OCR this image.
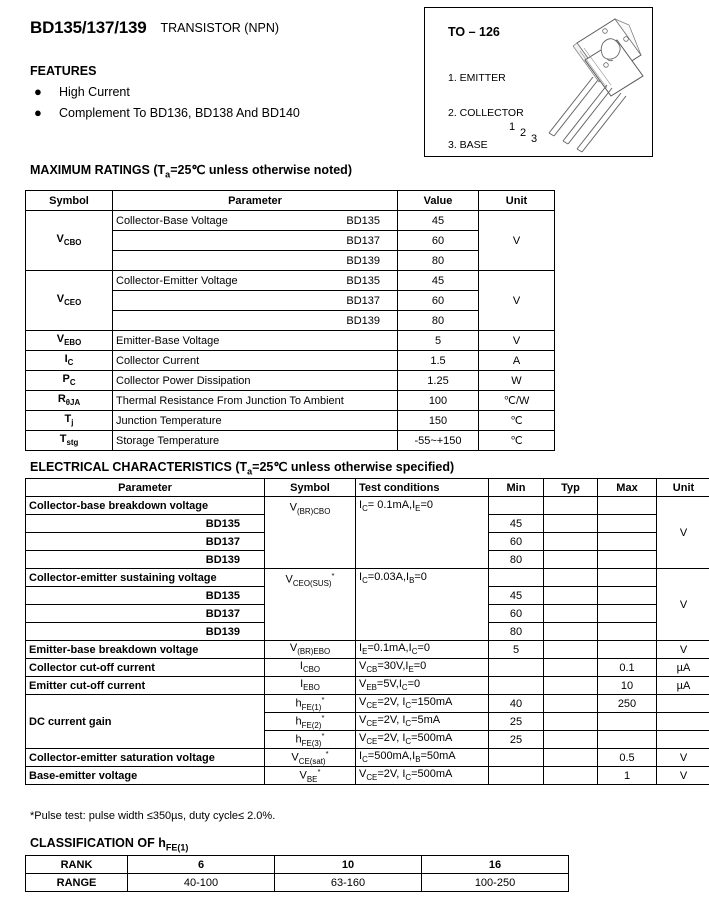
BD135/137/139 TRANSISTOR (NPN)
FEATURES
● High Current
● Complement To BD136, BD138 And BD140
TO – 126
1. EMITTER
2. COLLECTOR
3. BASE
1 2 3
MAXIMUM RATINGS ($T_a=25℃$ unless otherwise noted)
Symbol	Parameter	Value	Unit
$V_{CBO}$	Collector-Base Voltage BD135	45	V

	BD137	60	

	BD139	80	
$V_{CEO}$	Collector-Emitter Voltage BD135	45	V

	BD137	60	

	BD139	80	
$V_{EBO}$	Emitter-Base Voltage	5	V
$I_C$	Collector Current	1.5	A
$P_C$	Collector Power Dissipation	1.25	W
$R_{\theta JA}$	Thermal Resistance From Junction To Ambient	100	℃/W
$T_j$	Junction Temperature	150	℃
$T_{stg}$	Storage Temperature	-55~+150	℃
ELECTRICAL CHARACTERISTICS ($T_a=25℃$ unless otherwise specified)
Parameter	Symbol	Test conditions	Min	Typ	Max	Unit
Collector-base breakdown voltage	$V_{(BR)CBO}$	$I_C= 0.1mA,I_E=0$				V
BD135			45			
BD137			60			
BD139			80			
Collector-emitter sustaining voltage	$V_{CEO(SUS)}^*$	$I_C=0.03A,I_B=0$				V
BD135			45			
BD137			60			
BD139			80			
Emitter-base breakdown voltage	$V_{(BR)EBO}$	$I_E=0.1mA,I_C=0$	5			V
Collector cut-off current	$I_{CBO}$	$V_{CB}=30V,I_E=0$			0.1	µA
Emitter cut-off current	$I_{EBO}$	$V_{EB}=5V,I_C=0$			10	µA
DC current gain	$h_{FE(1)}^*$	$V_{CE}=2V$, $I_C=150mA$	40		250	
	$h_{FE(2)}^*$	$V_{CE}=2V$, $I_C=5mA$	25			
	$h_{FE(3)}^*$	$V_{CE}=2V$, $I_C=500mA$	25			
Collector-emitter saturation voltage	$V_{CE(sat)}^*$	$I_C=500mA,I_B=50mA$			0.5	V
Base-emitter voltage	$V_{BE}^*$	$V_{CE}=2V$, $I_C=500mA$			1	V
*Pulse test: pulse width ≤350µs, duty cycle≤ 2.0%.
CLASSIFICATION OF $h_{FE(1)}$
RANK	6	10	16
RANGE	40-100	63-160	100-250
